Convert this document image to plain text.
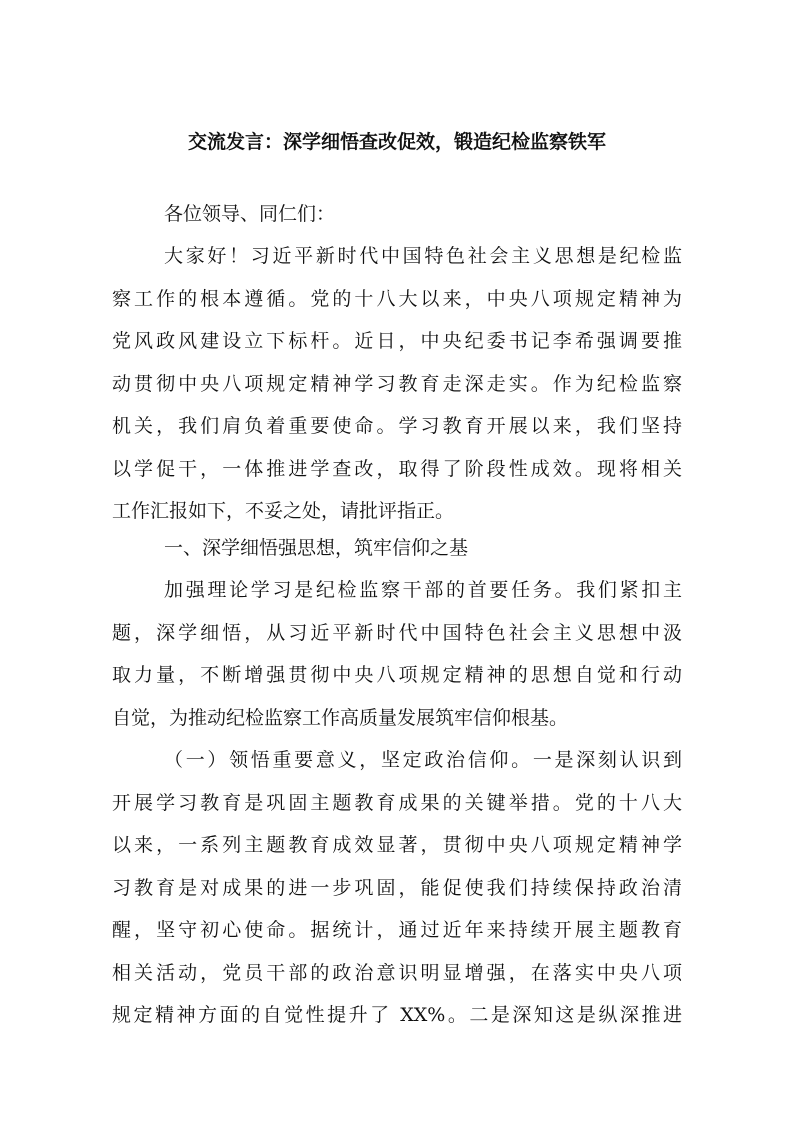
交流发言：深学细悟查改促效，锻造纪检监察铁军
各位领导、同仁们：
大家好！习近平新时代中国特色社会主义思想是纪检监
察工作的根本遵循。党的十八大以来，中央八项规定精神为
党风政风建设立下标杆。近日，中央纪委书记李希强调要推
动贯彻中央八项规定精神学习教育走深走实。作为纪检监察
机关，我们肩负着重要使命。学习教育开展以来，我们坚持
以学促干，一体推进学查改，取得了阶段性成效。现将相关
工作汇报如下，不妥之处，请批评指正。
一、深学细悟强思想，筑牢信仰之基
加强理论学习是纪检监察干部的首要任务。我们紧扣主
题，深学细悟，从习近平新时代中国特色社会主义思想中汲
取力量，不断增强贯彻中央八项规定精神的思想自觉和行动
自觉，为推动纪检监察工作高质量发展筑牢信仰根基。
（一）领悟重要意义，坚定政治信仰。一是深刻认识到
开展学习教育是巩固主题教育成果的关键举措。党的十八大
以来，一系列主题教育成效显著，贯彻中央八项规定精神学
习教育是对成果的进一步巩固，能促使我们持续保持政治清
醒，坚守初心使命。据统计，通过近年来持续开展主题教育
相关活动，党员干部的政治意识明显增强，在落实中央八项
规定精神方面的自觉性提升了 XX%。二是深知这是纵深推进
